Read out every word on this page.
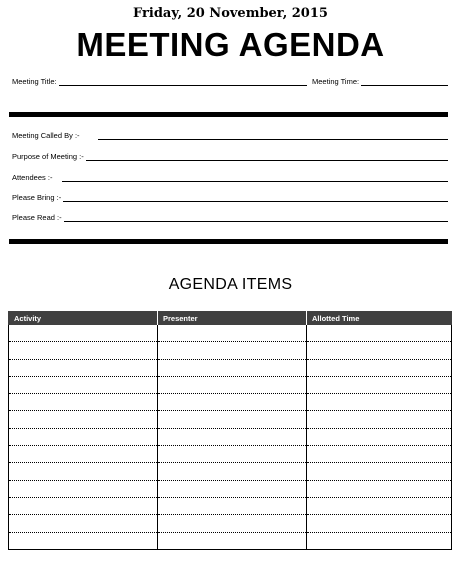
Friday, 20 November, 2015
MEETING AGENDA
Meeting Title:	Meeting Time:
Meeting Called By :-
Purpose of Meeting :-
Attendees :-
Please Bring :-
Please Read :-
AGENDA ITEMS
Activity	Presenter	Allotted Time
